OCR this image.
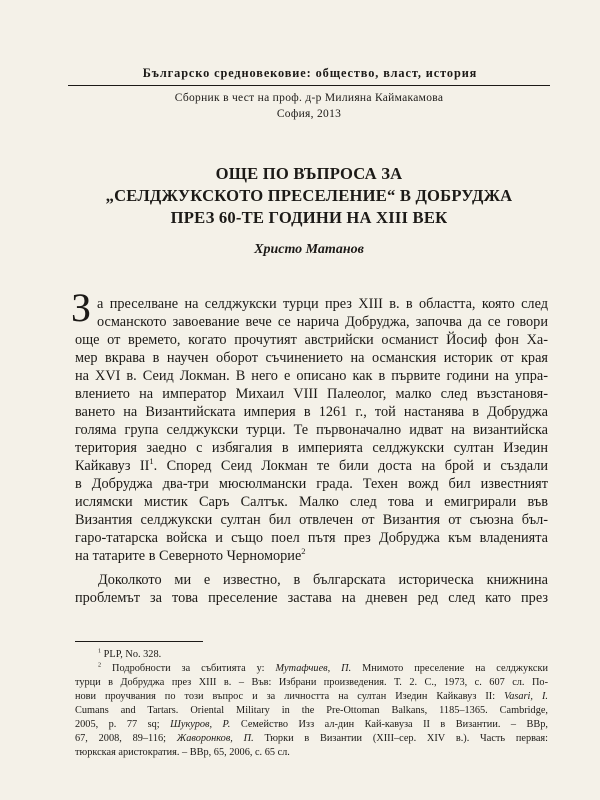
Българско средновековие: общество, власт, история
Сборник в чест на проф. д-р Милияна Каймакамова
София, 2013
ОЩЕ ПО ВЪПРОСА ЗА
„СЕЛДЖУКСКОТО ПРЕСЕЛЕНИЕ“ В ДОБРУДЖА
ПРЕЗ 60-ТЕ ГОДИНИ НА XIII ВЕК
Христо Матанов
З а преселване на селджукски турци през XIII в. в областта, която след
османското завоевание вече се нарича Добруджа, започва да се говори
още от времето, когато прочутият австрийски османист Йосиф фон Ха-
мер вкрава в научен оборот съчинението на османския историк от края
на XVI в. Сеид Локман. В него е описано как в първите години на упра-
влението на император Михаил VIII Палеолог, малко след възстановя-
ването на Византийската империя в 1261 г., той настанява в Добруджа
голяма група селджукски турци. Те първоначално идват на византийска
територия заедно с избягалия в империята селджукски султан Изедин
Кайкавуз $II^1$. Според Сеид Локман те били доста на брой и създали
в Добруджа два-три мюсюлмански града. Техен вожд бил известният
ислямски мистик Саръ Салтък. Малко след това и емигрирали във
Византия селджукски султан бил отвлечен от Византия от съюзна бъл-
гаро-татарска войска и също поел пътя през Добруджа към владенията
на татарите в Северното Черноморие$^2$
Доколкото ми е известно, в българската историческа книжнина
проблемът за това преселение застава на дневен ред след като през
$^1$ PLP, No. 328.
$^2$ Подробности за събитията у: Мутафчиев, П. Мнимото преселение на селджукски
турци в Добруджа през XIII в. – Във: Избрани произведения. Т. 2. С., 1973, с. 607 сл. По-
нови проучвания по този въпрос и за личността на султан Изедин Кайкавуз II: Vasari, I.
Cumans and Tartars. Oriental Military in the Pre-Ottoman Balkans, 1185–1365. Cambridge,
2005, p. 77 sq; Шукуров, Р. Семейство Изз ал-дин Кай-кавуза II в Византии. – ВВр,
67, 2008, 89–116; Жаворонков, П. Тюрки в Византии (XIII–сер. XIV в.). Часть первая:
тюркская аристократия. – ВВр, 65, 2006, с. 65 сл.
